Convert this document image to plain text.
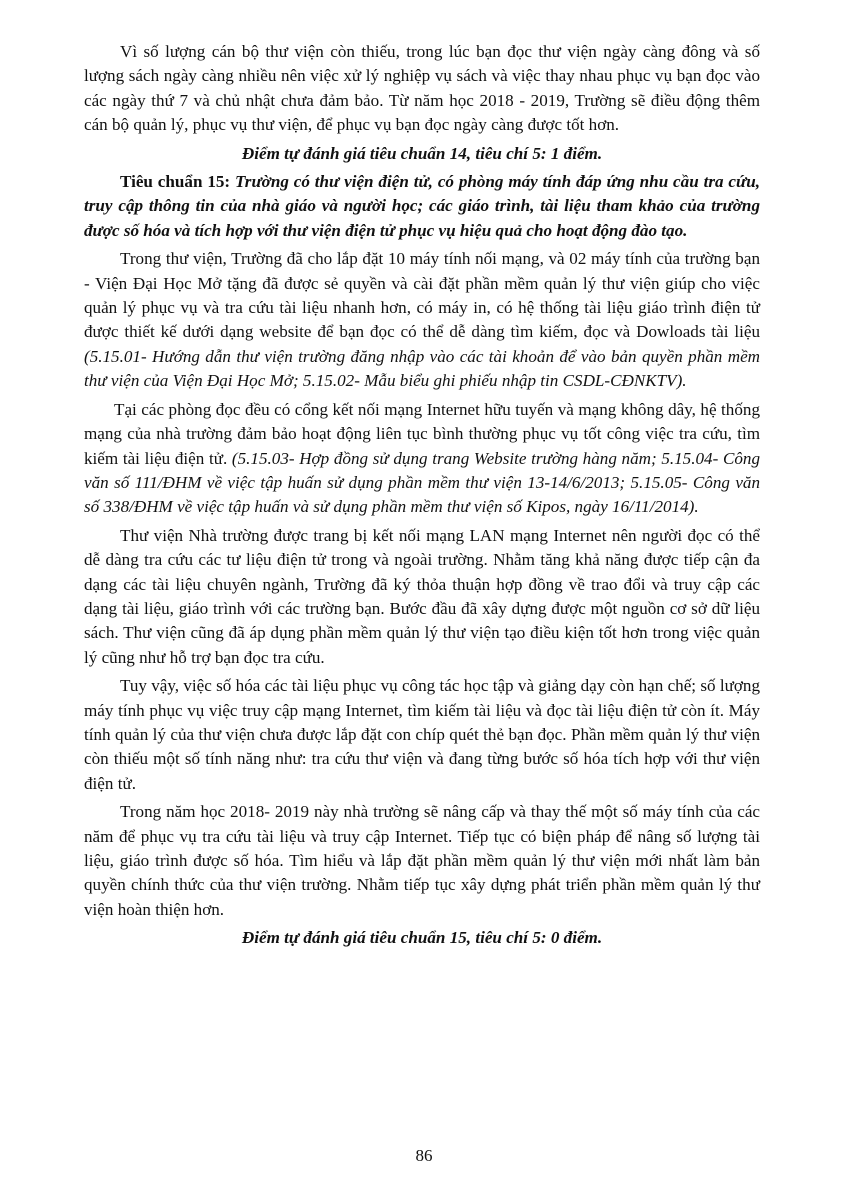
Vì số lượng cán bộ thư viện còn thiếu, trong lúc bạn đọc thư viện ngày càng đông và số lượng sách ngày càng nhiều nên việc xử lý nghiệp vụ sách và việc thay nhau phục vụ bạn đọc vào các ngày thứ 7 và chủ nhật chưa đảm bảo. Từ năm học 2018 - 2019, Trường sẽ điều động thêm cán bộ quản lý, phục vụ thư viện, để phục vụ bạn đọc ngày càng được tốt hơn.

Điểm tự đánh giá tiêu chuẩn 14, tiêu chí 5: 1 điểm.

Tiêu chuẩn 15: Trường có thư viện điện tử, có phòng máy tính đáp ứng nhu cầu tra cứu, truy cập thông tin của nhà giáo và người học; các giáo trình, tài liệu tham khảo của trường được số hóa và tích hợp với thư viện điện tử phục vụ hiệu quả cho hoạt động đào tạo.

Trong thư viện, Trường đã cho lắp đặt 10 máy tính nối mạng, và 02 máy tính của trường bạn - Viện Đại Học Mở tặng đã được sẻ quyền và cài đặt phần mềm quản lý thư viện giúp cho việc quản lý phục vụ và tra cứu tài liệu nhanh hơn, có máy in, có hệ thống tài liệu giáo trình điện tử được thiết kế dưới dạng website để bạn đọc có thể dễ dàng tìm kiếm, đọc và Dowloads tài liệu (5.15.01- Hướng dẫn thư viện trường đăng nhập vào các tài khoản để vào bản quyền phần mềm thư viện của Viện Đại Học Mở; 5.15.02- Mẫu biểu ghi phiếu nhập tin CSDL-CĐNKTV).

Tại các phòng đọc đều có cổng kết nối mạng Internet hữu tuyến và mạng không dây, hệ thống mạng của nhà trường đảm bảo hoạt động liên tục bình thường phục vụ tốt công việc tra cứu, tìm kiếm tài liệu điện tử. (5.15.03- Hợp đồng sử dụng trang Website trường hàng năm; 5.15.04- Công văn số 111/ĐHM về việc tập huấn sử dụng phần mềm thư viện 13-14/6/2013; 5.15.05- Công văn số 338/ĐHM về việc tập huấn và sử dụng phần mềm thư viện số Kipos, ngày 16/11/2014).

Thư viện Nhà trường được trang bị kết nối mạng LAN mạng Internet nên người đọc có thể dễ dàng tra cứu các tư liệu điện tử trong và ngoài trường. Nhằm tăng khả năng được tiếp cận đa dạng các tài liệu chuyên ngành, Trường đã ký thỏa thuận hợp đồng về trao đổi và truy cập các dạng tài liệu, giáo trình với các trường bạn. Bước đầu đã xây dựng được một nguồn cơ sở dữ liệu sách. Thư viện cũng đã áp dụng phần mềm quản lý thư viện tạo điều kiện tốt hơn trong việc quản lý cũng như hỗ trợ bạn đọc tra cứu.

Tuy vậy, việc số hóa các tài liệu phục vụ công tác học tập và giảng dạy còn hạn chế; số lượng máy tính phục vụ việc truy cập mạng Internet, tìm kiếm tài liệu và đọc tài liệu điện tử còn ít. Máy tính quản lý của thư viện chưa được lắp đặt con chíp quét thẻ bạn đọc. Phần mềm quản lý thư viện còn thiếu một số tính năng như: tra cứu thư viện và đang từng bước số hóa tích hợp với thư viện điện tử.

Trong năm học 2018- 2019 này nhà trường sẽ nâng cấp và thay thế một số máy tính của các năm để phục vụ tra cứu tài liệu và truy cập Internet. Tiếp tục có biện pháp để nâng số lượng tài liệu, giáo trình được số hóa. Tìm hiểu và lắp đặt phần mềm quản lý thư viện mới nhất làm bản quyền chính thức của thư viện trường. Nhằm tiếp tục xây dựng phát triển phần mềm quản lý thư viện hoàn thiện hơn.

Điểm tự đánh giá tiêu chuẩn 15, tiêu chí 5: 0 điểm.

86
